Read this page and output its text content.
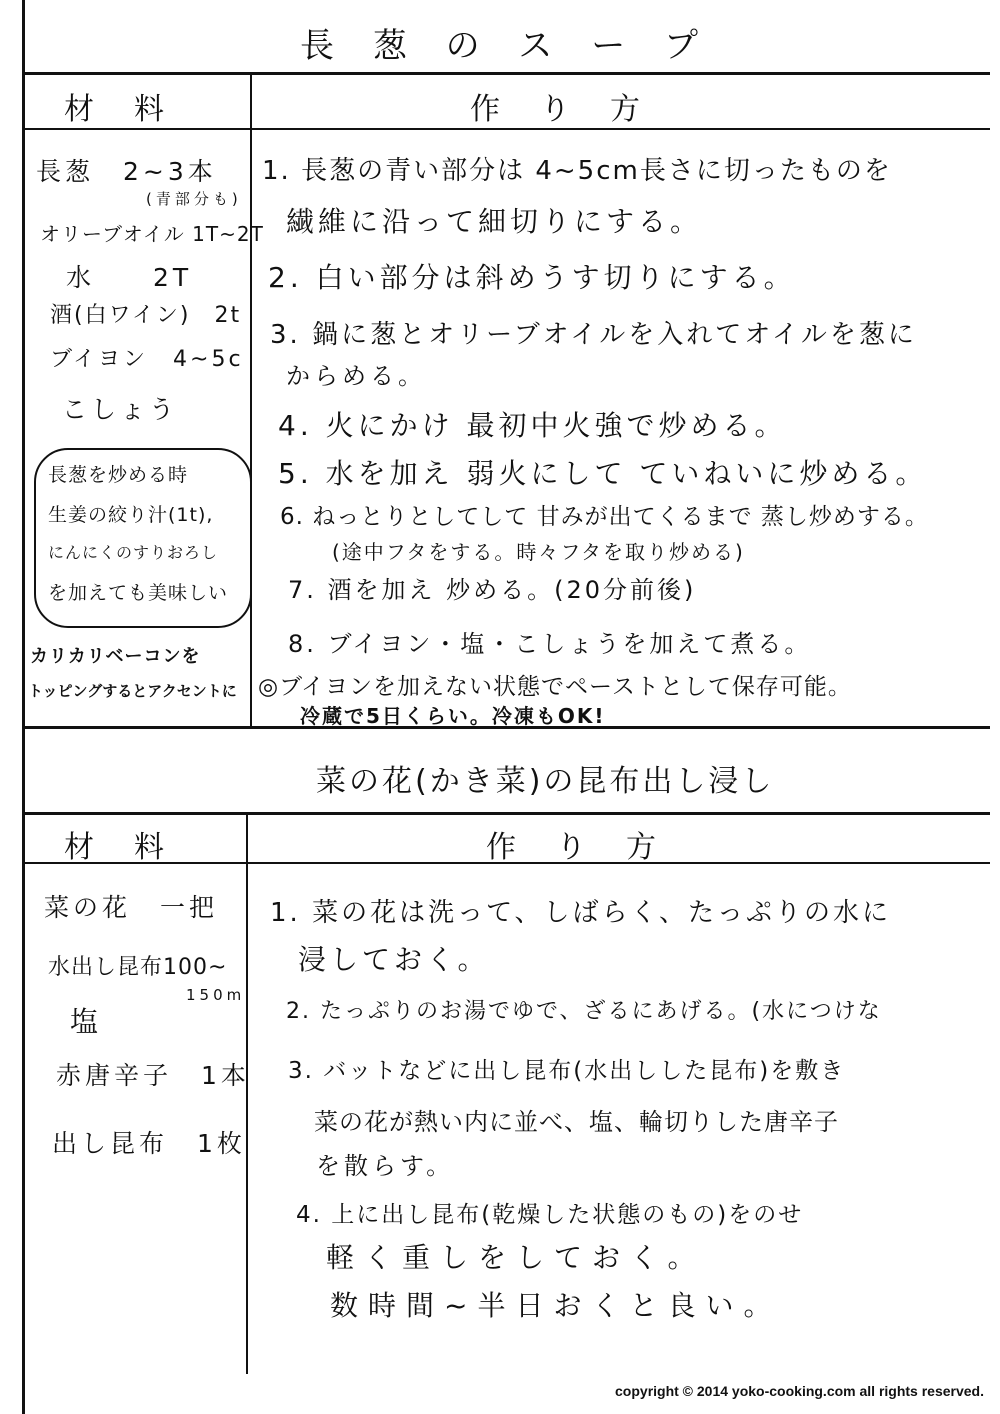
長 葱 の ス ー プ
材料	作り方
長葱　2~3本
(青部分も)
オリーブオイル 1T~2T
水　　2T
酒(白ワイン)　2t
ブイヨン　4~5c
こしょう
長葱を炒める時
生姜の絞り汁(1t),
にんにくのすりおろし
を加えても美味しい
カリカリベーコンを
トッピングするとアクセントに
1. 長葱の青い部分は 4~5cm長さに切ったものを
繊維に沿って細切りにする。
2. 白い部分は斜めうす切りにする。
3. 鍋に葱とオリーブオイルを入れてオイルを葱に
からめる。
4. 火にかけ 最初中火強で炒める。
5. 水を加え 弱火にして ていねいに炒める。
6. ねっとりとしてして 甘みが出てくるまで 蒸し炒めする。
(途中フタをする。時々フタを取り炒める)
7. 酒を加え 炒める。(20分前後)
8. ブイヨン・塩・こしょうを加えて煮る。
◎ブイヨンを加えない状態でペーストとして保存可能。
冷蔵で5日くらい。冷凍もOK!
菜の花(かき菜)の昆布出し浸し
材料	作り方
菜の花　一把
水出し昆布100~
150ml
塩
赤唐辛子　1本
出し昆布　1枚
1. 菜の花は洗って、しばらく、たっぷりの水に
浸しておく。
2. たっぷりのお湯でゆで、ざるにあげる。(水につけな
3. バットなどに出し昆布(水出しした昆布)を敷き
菜の花が熱い内に並べ、塩、輪切りした唐辛子
を散らす。
4. 上に出し昆布(乾燥した状態のもの)をのせ
軽く重しをしておく。
数時間~半日おくと良い。
copyright © 2014 yoko-cooking.com all rights reserved.
